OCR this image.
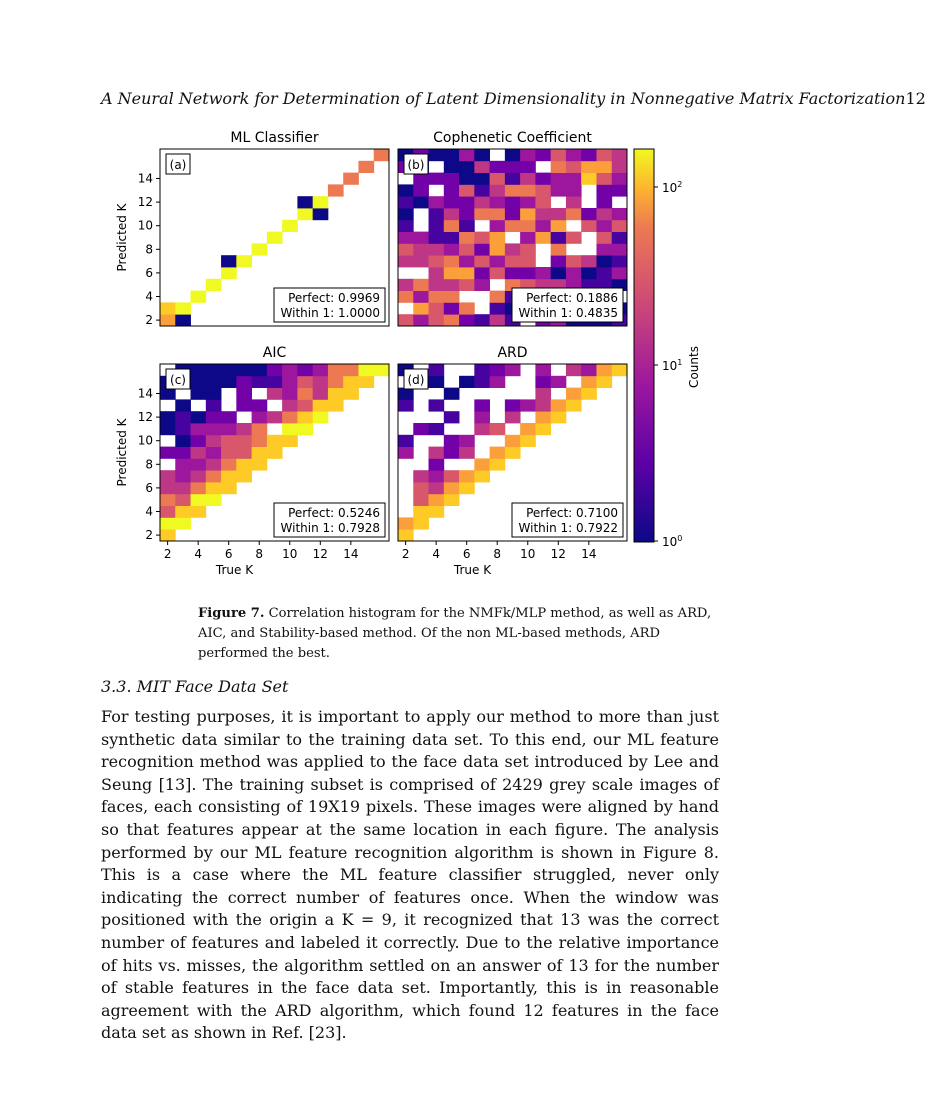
A Neural Network for Determination of Latent Dimensionality in Nonnegative Matrix Factorization12
ML Classifier
(a)
Perfect: 0.9969
Within 1: 1.0000
2
4
6
8
10
12
14
Predicted K
Cophenetic Coefficient
(b)
Perfect: 0.1886
Within 1: 0.4835
AIC
(c)
Perfect: 0.5246
Within 1: 0.7928
2
4
6
8
10
12
14
Predicted K
2 4 6 8 10 12 14
True K
ARD
(d)
Perfect: 0.7100
Within 1: 0.7922
2 4 6 8 10 12 14
True K
$10^2$
$10^1$
$10^0$
Counts
Figure 7. Correlation histogram for the NMFk/MLP method, as well as ARD, AIC, and Stability-based method. Of the non ML-based methods, ARD performed the best.
3.3. MIT Face Data Set
For testing purposes, it is important to apply our method to more than just synthetic data similar to the training data set. To this end, our ML feature recognition method was applied to the face data set introduced by Lee and Seung [13]. The training subset is comprised of 2429 grey scale images of faces, each consisting of 19X19 pixels. These images were aligned by hand so that features appear at the same location in each figure. The analysis performed by our ML feature recognition algorithm is shown in Figure 8. This is a case where the ML feature classifier struggled, never only indicating the correct number of features once. When the window was positioned with the origin a K = 9, it recognized that 13 was the correct number of features and labeled it correctly. Due to the relative importance of hits vs. misses, the algorithm settled on an answer of 13 for the number of stable features in the face data set. Importantly, this is in reasonable agreement with the ARD algorithm, which found 12 features in the face data set as shown in Ref. [23].
